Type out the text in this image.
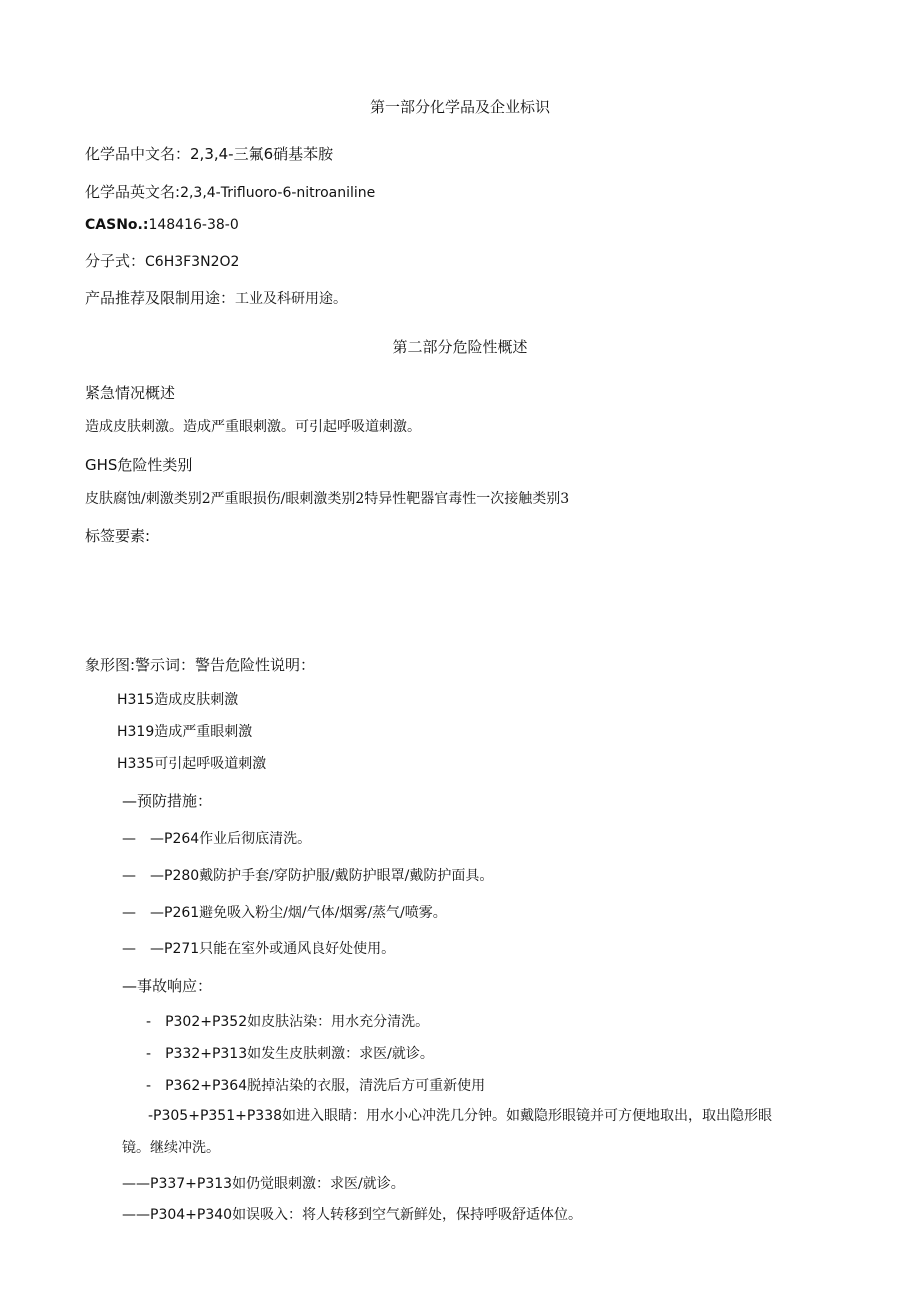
第一部分化学品及企业标识
化学品中文名：2,3,4-三氟6硝基苯胺
化学品英文名:2,3,4-Trifluoro-6-nitroaniline
CASNo.:148416-38-0
分子式：C6H3F3N2O2
产品推荐及限制用途：工业及科研用途。
第二部分危险性概述
紧急情况概述
造成皮肤刺激。造成严重眼刺激。可引起呼吸道刺激。
GHS危险性类别
皮肤腐蚀/刺激类别2严重眼损伤/眼刺激类别2特异性靶器官毒性一次接触类别3
标签要素:
象形图:警示词：警告危险性说明：
H315造成皮肤刺激
H319造成严重眼刺激
H335可引起呼吸道刺激
—预防措施：
— —P264作业后彻底清洗。
— —P280戴防护手套/穿防护服/戴防护眼罩/戴防护面具。
— —P261避免吸入粉尘/烟/气体/烟雾/蒸气/喷雾。
— —P271只能在室外或通风良好处使用。
—事故响应：
- P302+P352如皮肤沾染：用水充分清洗。
- P332+P313如发生皮肤刺激：求医/就诊。
- P362+P364脱掉沾染的衣服，清洗后方可重新使用
-P305+P351+P338如进入眼睛：用水小心冲洗几分钟。如戴隐形眼镜并可方便地取出，取出隐形眼
镜。继续冲洗。
——P337+P313如仍觉眼刺激：求医/就诊。
——P304+P340如误吸入：将人转移到空气新鲜处，保持呼吸舒适体位。
